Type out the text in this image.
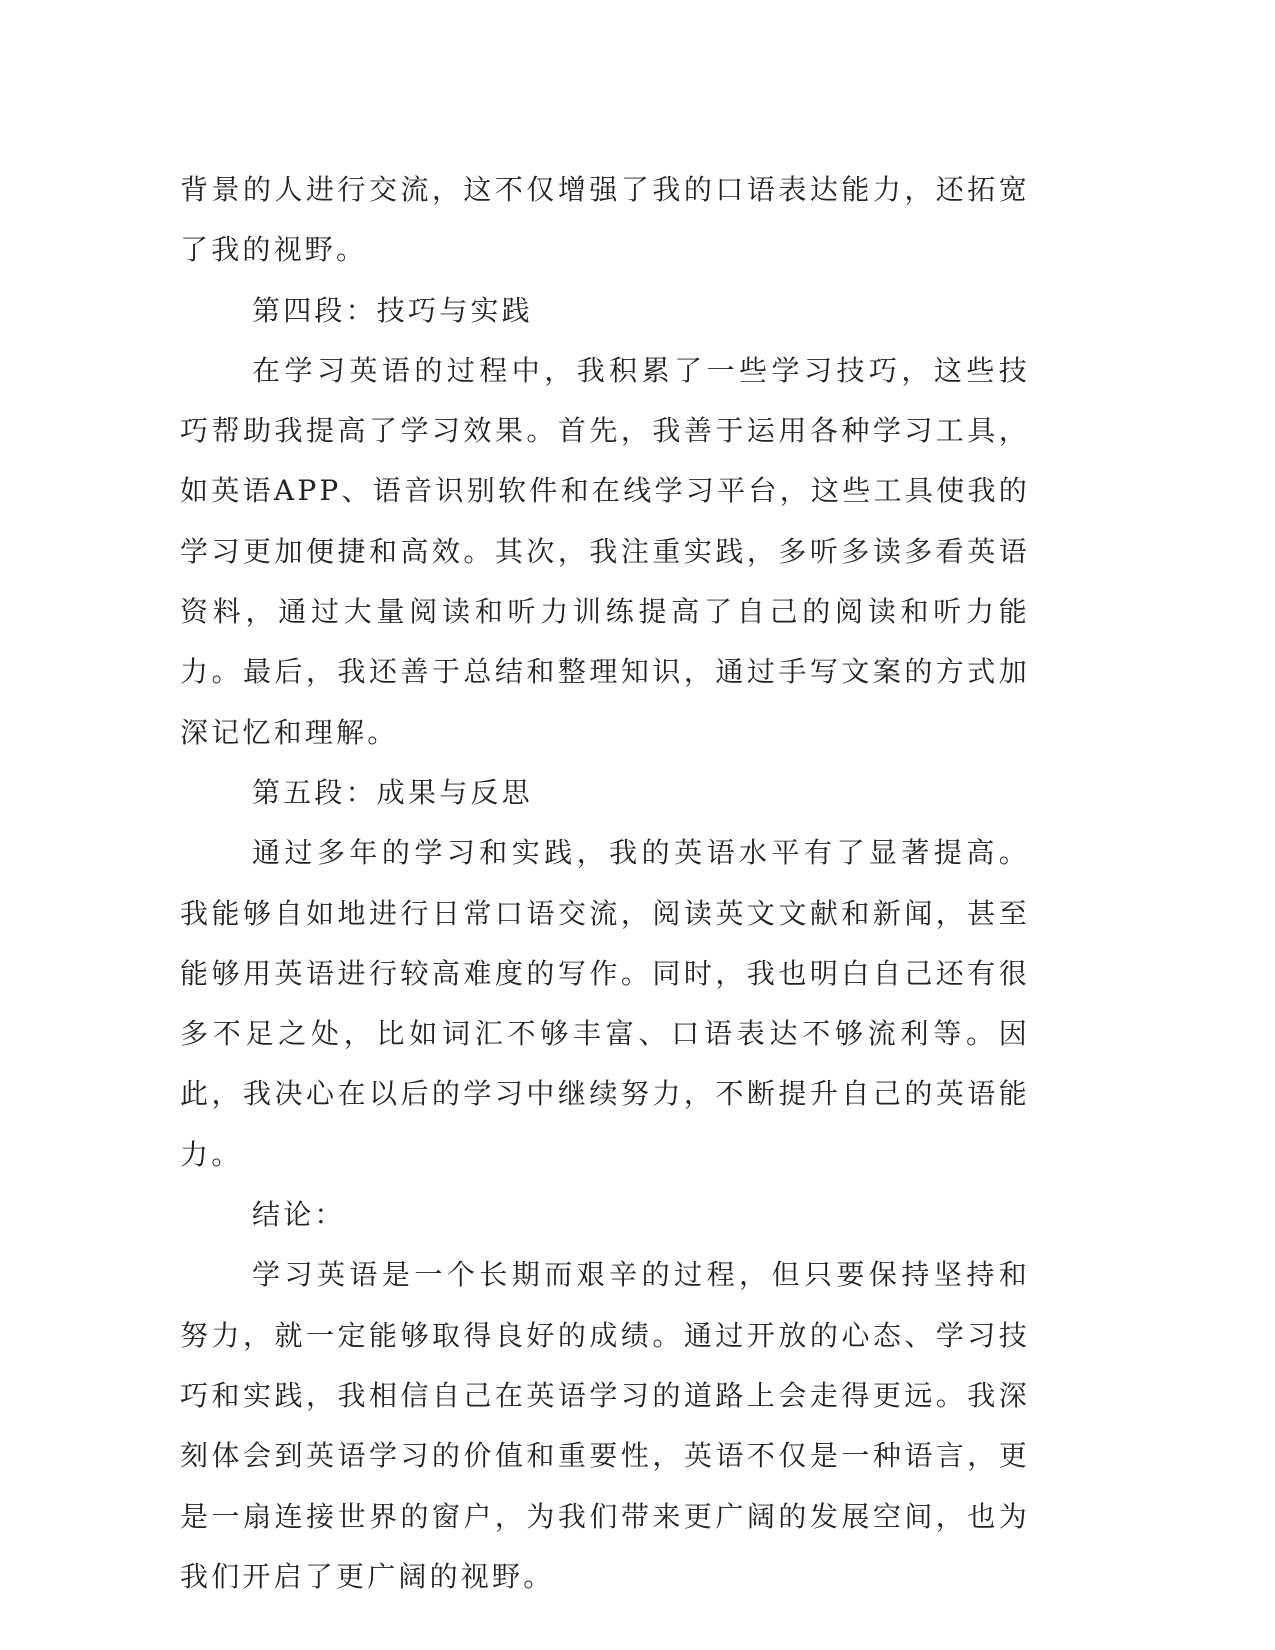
背景的人进行交流，这不仅增强了我的口语表达能力，还拓宽了我的视野。

第四段：技巧与实践

在学习英语的过程中，我积累了一些学习技巧，这些技巧帮助我提高了学习效果。首先，我善于运用各种学习工具，如英语APP、语音识别软件和在线学习平台，这些工具使我的学习更加便捷和高效。其次，我注重实践，多听多读多看英语资料，通过大量阅读和听力训练提高了自己的阅读和听力能力。最后，我还善于总结和整理知识，通过手写文案的方式加深记忆和理解。

第五段：成果与反思

通过多年的学习和实践，我的英语水平有了显著提高。我能够自如地进行日常口语交流，阅读英文文献和新闻，甚至能够用英语进行较高难度的写作。同时，我也明白自己还有很多不足之处，比如词汇不够丰富、口语表达不够流利等。因此，我决心在以后的学习中继续努力，不断提升自己的英语能力。

结论：

学习英语是一个长期而艰辛的过程，但只要保持坚持和努力，就一定能够取得良好的成绩。通过开放的心态、学习技巧和实践，我相信自己在英语学习的道路上会走得更远。我深刻体会到英语学习的价值和重要性，英语不仅是一种语言，更是一扇连接世界的窗户，为我们带来更广阔的发展空间，也为我们开启了更广阔的视野。
